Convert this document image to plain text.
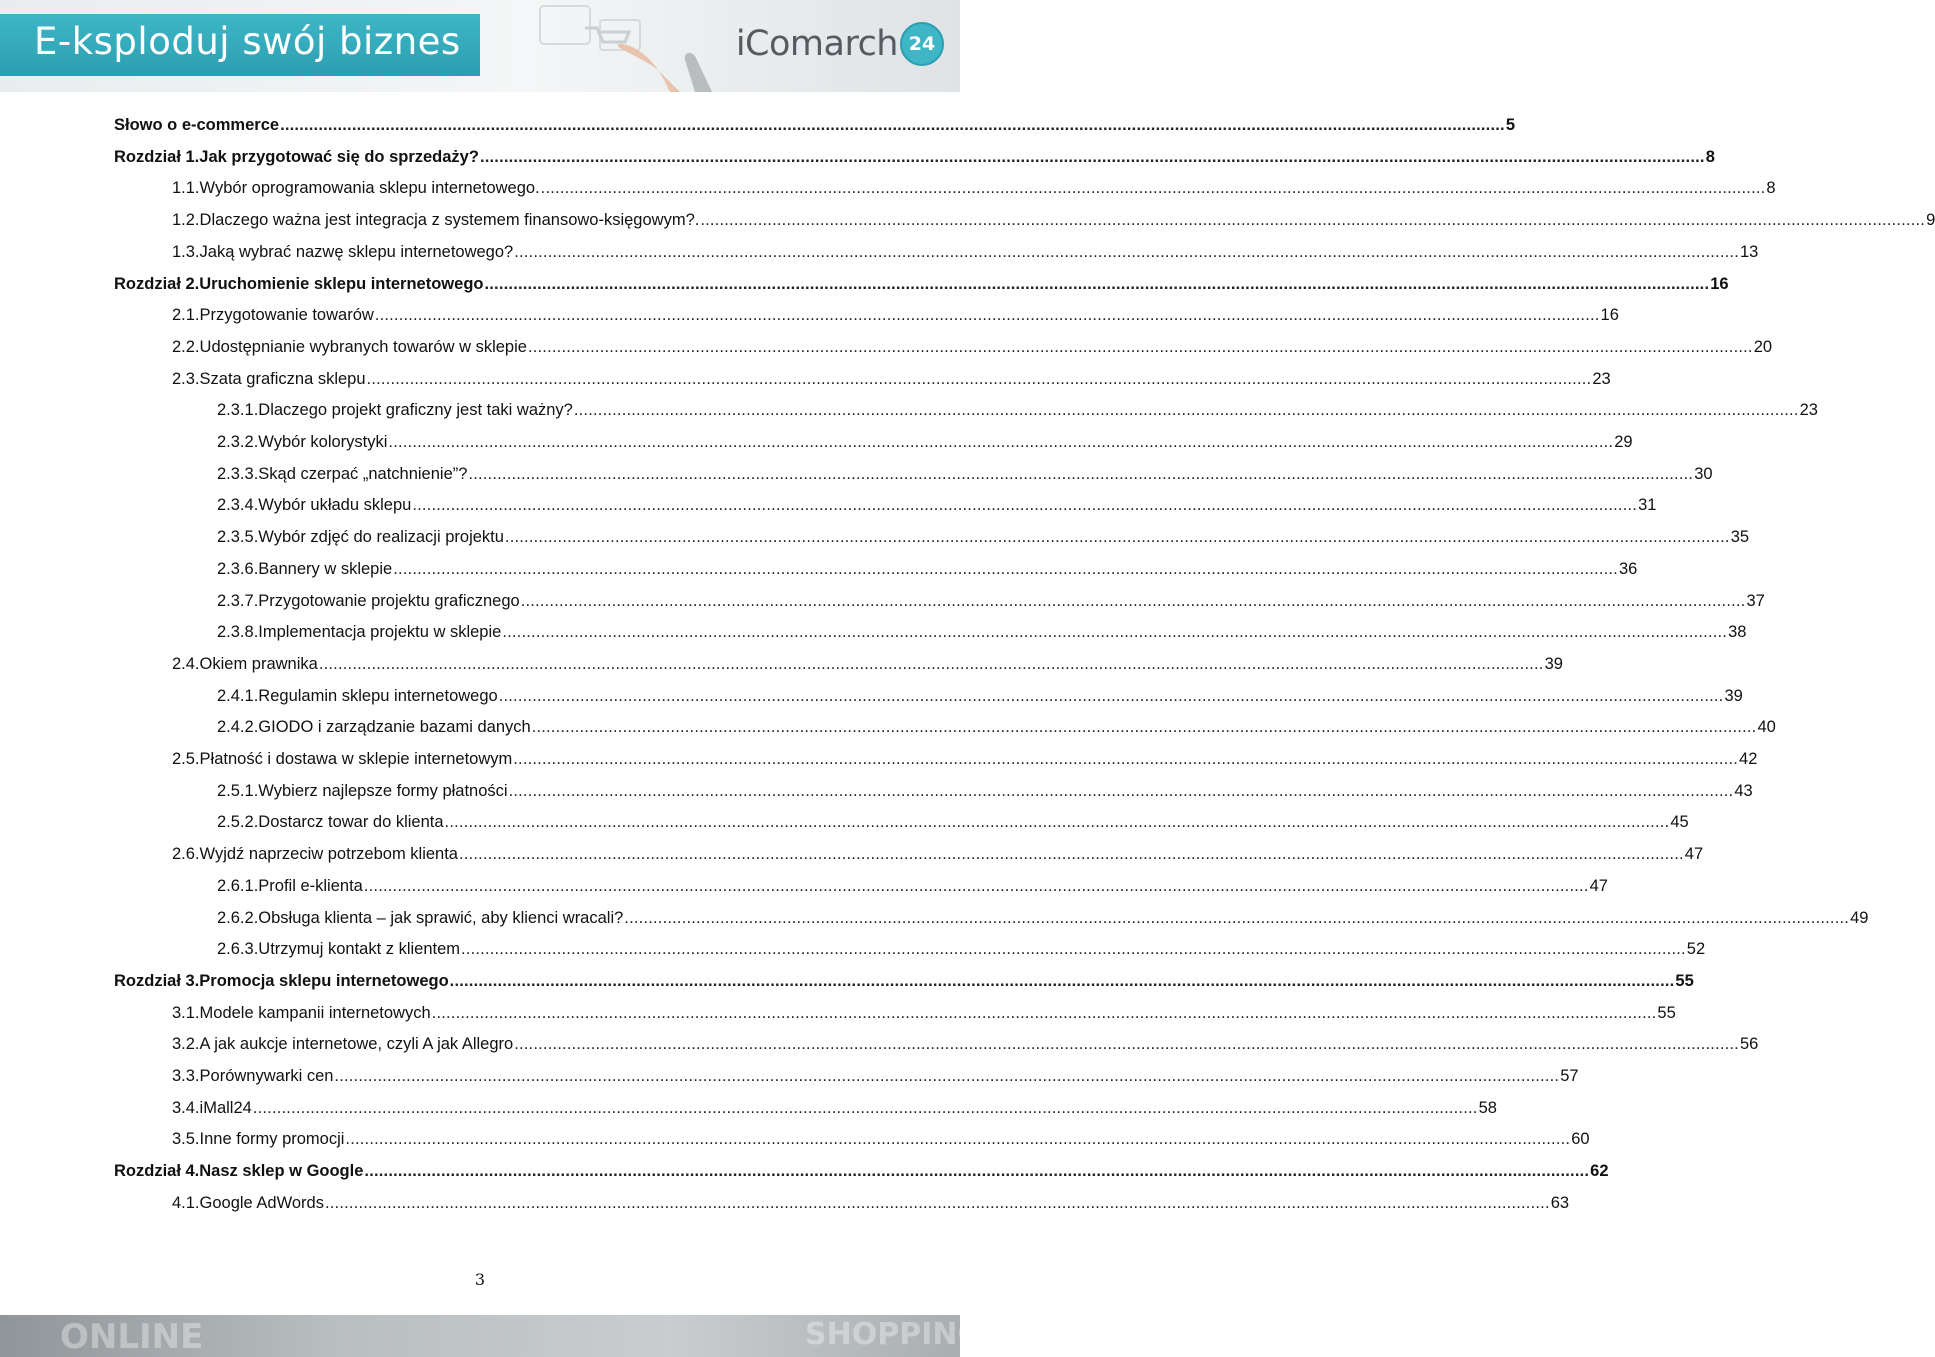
E-ksploduj swój biznes	iComarch 24
Słowo o e-commerce .....	5
Rozdział 1. Jak przygotować się do sprzedaży? .....	8
1.1. Wybór oprogramowania sklepu internetowego. .....	8
1.2. Dlaczego ważna jest integracja z systemem finansowo-księgowym?. .....	9
1.3. Jaką wybrać nazwę sklepu internetowego? .....	13
Rozdział 2. Uruchomienie sklepu internetowego .....	16
2.1. Przygotowanie towarów .....	16
2.2. Udostępnianie wybranych towarów w sklepie .....	20
2.3. Szata graficzna sklepu .....	23
2.3.1. Dlaczego projekt graficzny jest taki ważny? .....	23
2.3.2. Wybór kolorystyki .....	29
2.3.3. Skąd czerpać „natchnienie”? .....	30
2.3.4. Wybór układu sklepu .....	31
2.3.5. Wybór zdjęć do realizacji projektu .....	35
2.3.6. Bannery w sklepie .....	36
2.3.7. Przygotowanie projektu graficznego .....	37
2.3.8. Implementacja projektu w sklepie .....	38
2.4. Okiem prawnika .....	39
2.4.1. Regulamin sklepu internetowego .....	39
2.4.2. GIODO i zarządzanie bazami danych .....	40
2.5. Płatność i dostawa w sklepie internetowym .....	42
2.5.1. Wybierz najlepsze formy płatności .....	43
2.5.2. Dostarcz towar do klienta .....	45
2.6. Wyjdź naprzeciw potrzebom klienta .....	47
2.6.1. Profil e-klienta .....	47
2.6.2. Obsługa klienta – jak sprawić, aby klienci wracali? .....	49
2.6.3. Utrzymuj kontakt z klientem .....	52
Rozdział 3. Promocja sklepu internetowego .....	55
3.1. Modele kampanii internetowych .....	55
3.2. A jak aukcje internetowe, czyli A jak Allegro .....	56
3.3. Porównywarki cen .....	57
3.4. iMall24 .....	58
3.5. Inne formy promocji .....	60
Rozdział 4. Nasz sklep w Google .....	62
4.1. Google AdWords .....	63
3
ONLINE	SHOPPING
